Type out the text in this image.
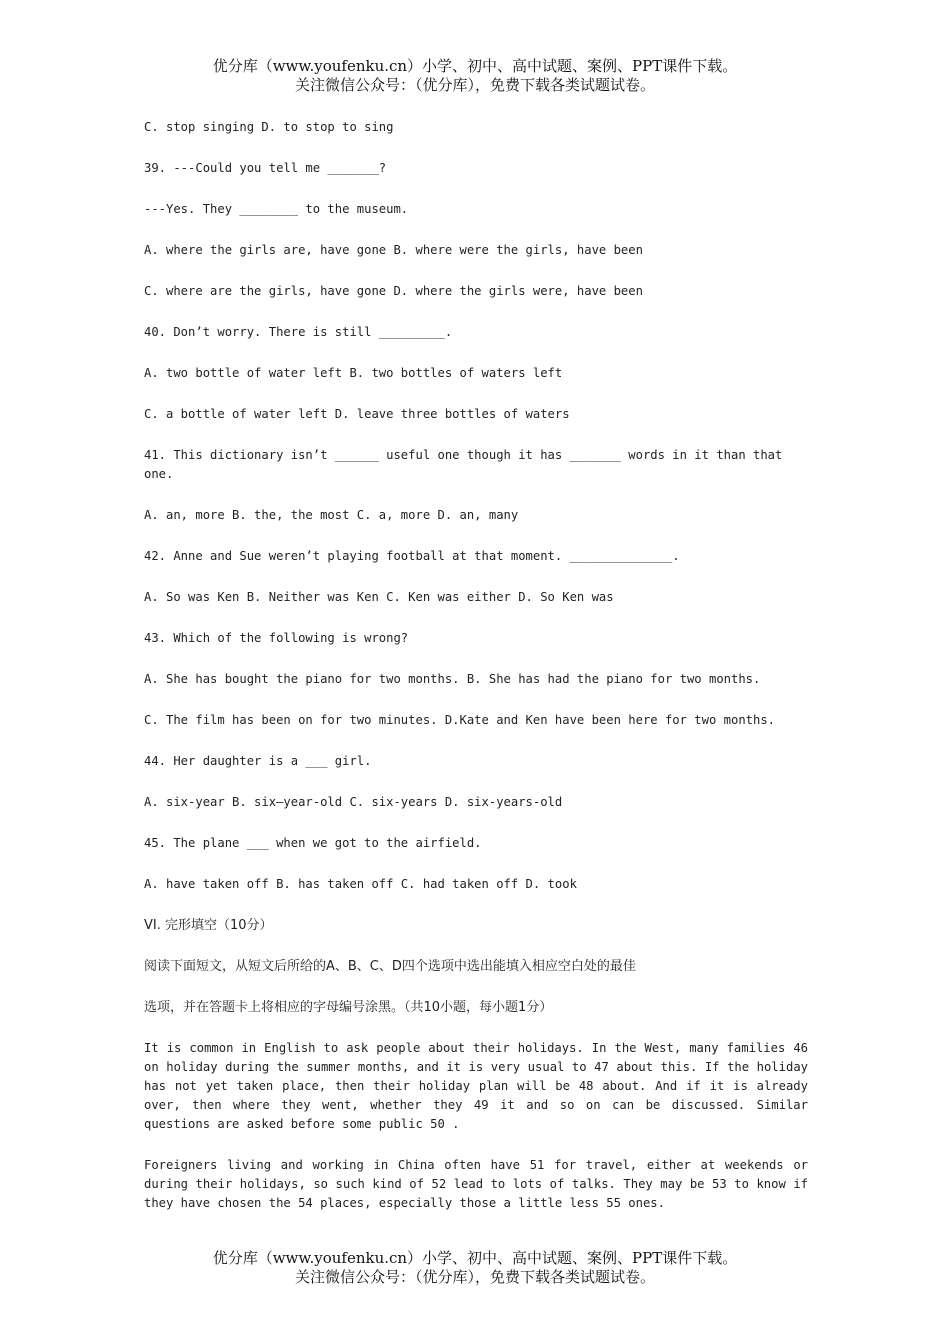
优分库（www.youfenku.cn）小学、初中、高中试题、案例、PPT课件下载。
关注微信公众号：（优分库），免费下载各类试题试卷。

C. stop singing D. to stop to sing

39. ---Could you tell me _______?

---Yes. They ________ to the museum.

A. where the girls are, have gone B. where were the girls, have been

C. where are the girls, have gone D. where the girls were, have been

40. Don’t worry. There is still _________.

A. two bottle of water left B. two bottles of waters left

C. a bottle of water left D. leave three bottles of waters

41. This dictionary isn’t ______ useful one though it has _______ words in it than that one.

A. an, more B. the, the most C. a, more D. an, many

42. Anne and Sue weren’t playing football at that moment. ______________.

A. So was Ken B. Neither was Ken C. Ken was either D. So Ken was

43. Which of the following is wrong?

A. She has bought the piano for two months. B. She has had the piano for two months.

C. The film has been on for two minutes. D.Kate and Ken have been here for two months.

44. Her daughter is a ___ girl.

A. six-year B. six–year-old C. six-years D. six-years-old

45. The plane ___ when we got to the airfield.

A. have taken off B. has taken off C. had taken off D. took

VI. 完形填空（10分）

阅读下面短文，从短文后所给的A、B、C、D四个选项中选出能填入相应空白处的最佳

选项，并在答题卡上将相应的字母编号涂黑。（共10小题，每小题1分）

It is common in English to ask people about their holidays. In the West, many families 46 on holiday during the summer months, and it is very usual to 47 about this. If the holiday has not yet taken place, then their holiday plan will be 48 about. And if it is already over, then where they went, whether they 49 it and so on can be discussed. Similar questions are asked before some public 50 .

Foreigners living and working in China often have 51 for travel, either at weekends or during their holidays, so such kind of 52 lead to lots of talks. They may be 53 to know if they have chosen the 54 places, especially those a little less 55 ones.

优分库（www.youfenku.cn）小学、初中、高中试题、案例、PPT课件下载。
关注微信公众号：（优分库），免费下载各类试题试卷。
